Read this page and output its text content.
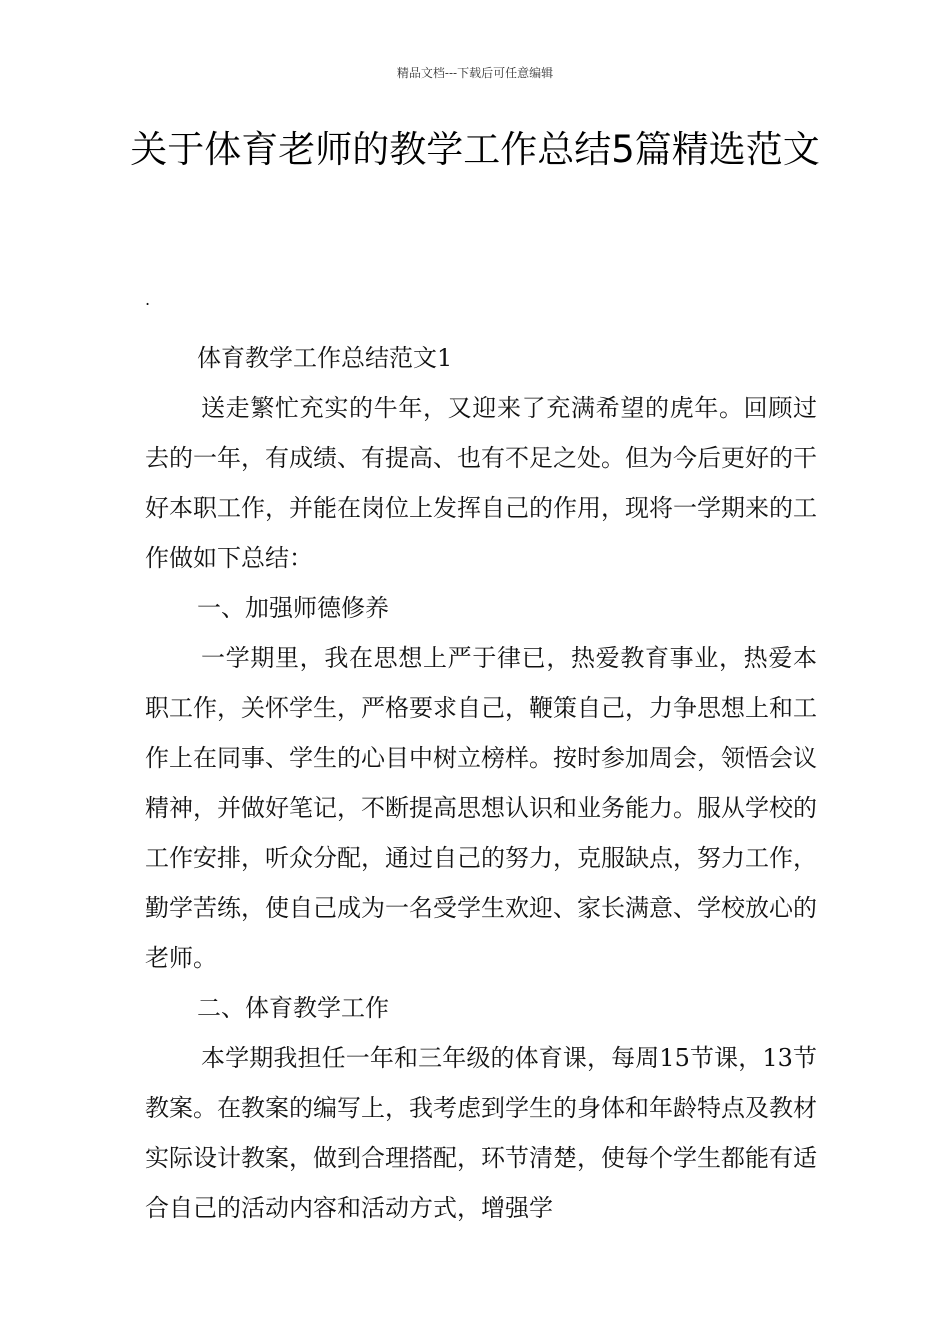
精品文档---下载后可任意编辑
关于体育老师的教学工作总结5篇精选范文
.

体育教学工作总结范文1

送走繁忙充实的牛年，又迎来了充满希望的虎年。回顾过去的一年，有成绩、有提高、也有不足之处。但为今后更好的干好本职工作，并能在岗位上发挥自己的作用，现将一学期来的工作做如下总结：

一、加强师德修养

一学期里，我在思想上严于律已，热爱教育事业，热爱本职工作，关怀学生，严格要求自己，鞭策自己，力争思想上和工作上在同事、学生的心目中树立榜样。按时参加周会，领悟会议精神，并做好笔记，不断提高思想认识和业务能力。服从学校的工作安排，听众分配，通过自己的努力，克服缺点，努力工作，勤学苦练，使自己成为一名受学生欢迎、家长满意、学校放心的老师。

二、体育教学工作

本学期我担任一年和三年级的体育课，每周15节课，13节教案。在教案的编写上，我考虑到学生的身体和年龄特点及教材实际设计教案，做到合理搭配，环节清楚，使每个学生都能有适合自己的活动内容和活动方式，增强学
